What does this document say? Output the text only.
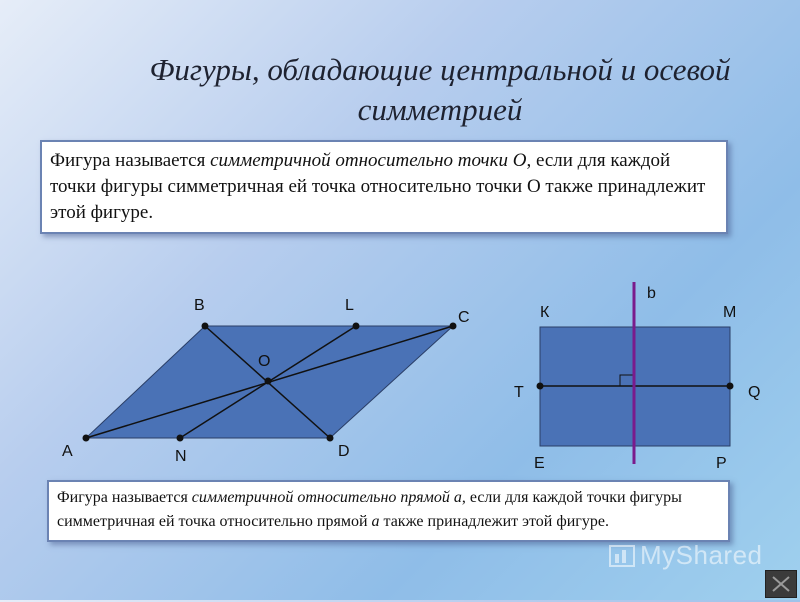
Фигуры, обладающие центральной и осевой симметрией
Фигура называется симметричной относительно точки О, если для каждой точки фигуры симметричная ей точка относительно точки О также принадлежит этой фигуре.
A
B	L
C
N	D
O
К	M
T	Q
E	P
b
Фигура называется симметричной относительно прямой а, если для каждой точки фигуры симметричная ей точка относительно прямой а также принадлежит этой фигуре.
MyShared
